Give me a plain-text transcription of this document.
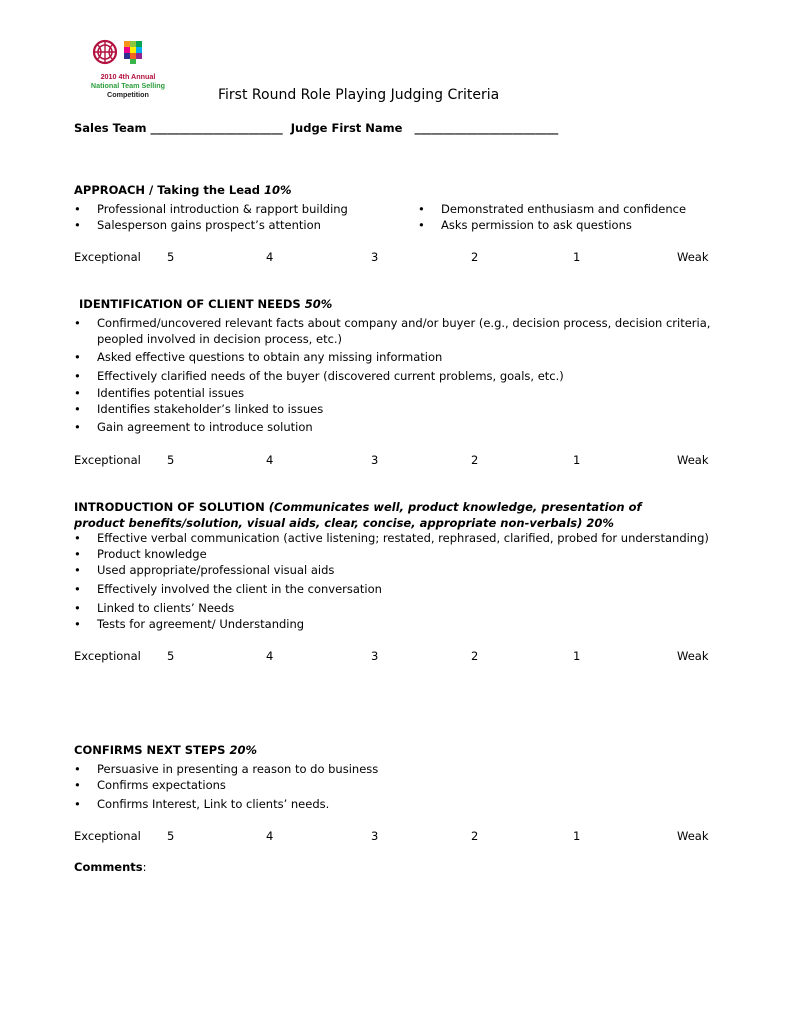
2010 4th Annual
National Team Selling
Competition	First Round Role Playing Judging Criteria
Sales Team _______________________  Judge First Name   _________________________
APPROACH / Taking the Lead 10%
• Professional introduction & rapport building
• Salesperson gains prospect’s attention
• Demonstrated enthusiasm and confidence
• Asks permission to ask questions
Exceptional 5	4	3	2	1	Weak
IDENTIFICATION OF CLIENT NEEDS 50%
• Confirmed/uncovered relevant facts about company and/or buyer (e.g., decision process, decision criteria,
peopled involved in decision process, etc.)
• Asked effective questions to obtain any missing information
• Effectively clarified needs of the buyer (discovered current problems, goals, etc.)
• Identifies potential issues
• Identifies stakeholder’s linked to issues
• Gain agreement to introduce solution
Exceptional 5	4	3	2	1	Weak
INTRODUCTION OF SOLUTION (Communicates well, product knowledge, presentation of
product benefits/solution, visual aids, clear, concise, appropriate non-verbals) 20%
• Effective verbal communication (active listening; restated, rephrased, clarified, probed for understanding)
• Product knowledge
• Used appropriate/professional visual aids
• Effectively involved the client in the conversation
• Linked to clients’ Needs
• Tests for agreement/ Understanding
Exceptional 5	4	3	2	1	Weak
CONFIRMS NEXT STEPS 20%
• Persuasive in presenting a reason to do business
• Confirms expectations
• Confirms Interest, Link to clients’ needs.
Exceptional 5	4	3	2	1	Weak
Comments:
